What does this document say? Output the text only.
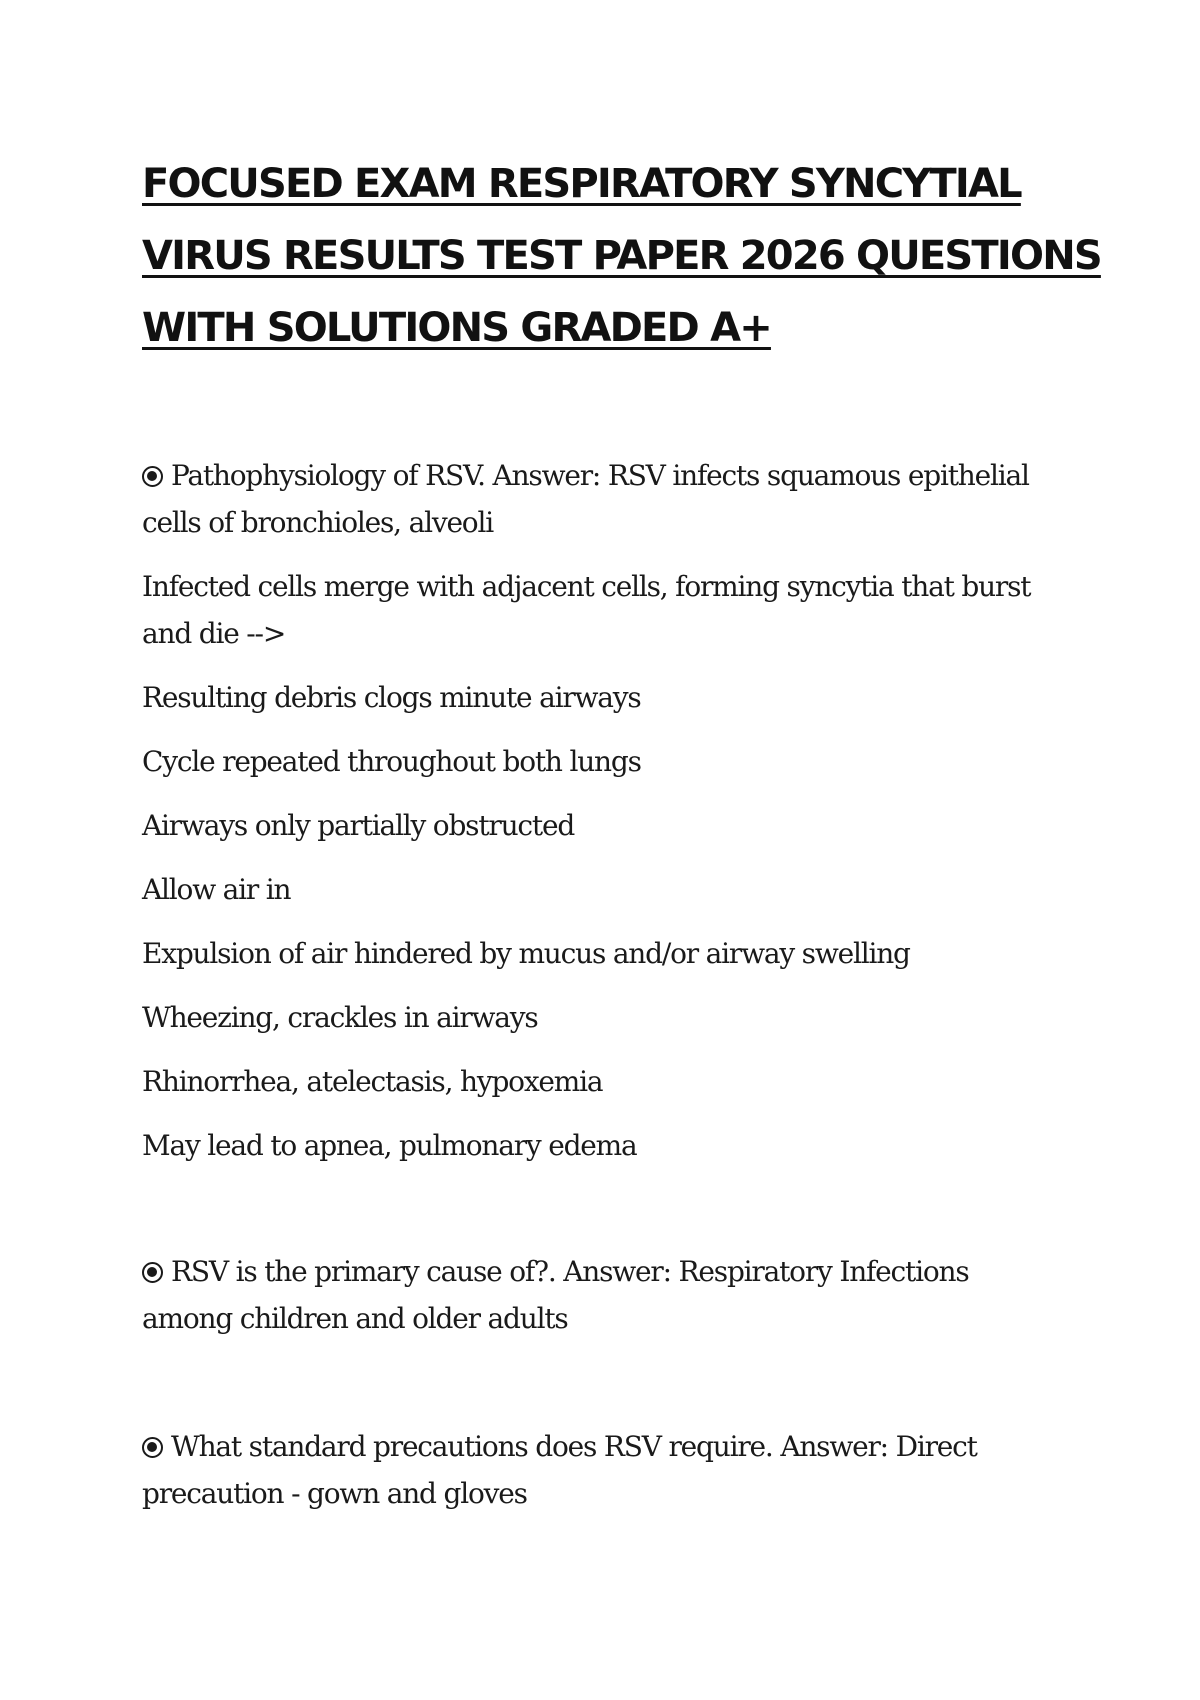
FOCUSED EXAM RESPIRATORY SYNCYTIAL
VIRUS RESULTS TEST PAPER 2026 QUESTIONS
WITH SOLUTIONS GRADED A+
Pathophysiology of RSV. Answer: RSV infects squamous epithelial
cells of bronchioles, alveoli
Infected cells merge with adjacent cells, forming syncytia that burst
and die -->
Resulting debris clogs minute airways
Cycle repeated throughout both lungs
Airways only partially obstructed
Allow air in
Expulsion of air hindered by mucus and/or airway swelling
Wheezing, crackles in airways
Rhinorrhea, atelectasis, hypoxemia
May lead to apnea, pulmonary edema
RSV is the primary cause of?. Answer: Respiratory Infections
among children and older adults
What standard precautions does RSV require. Answer: Direct
precaution - gown and gloves
